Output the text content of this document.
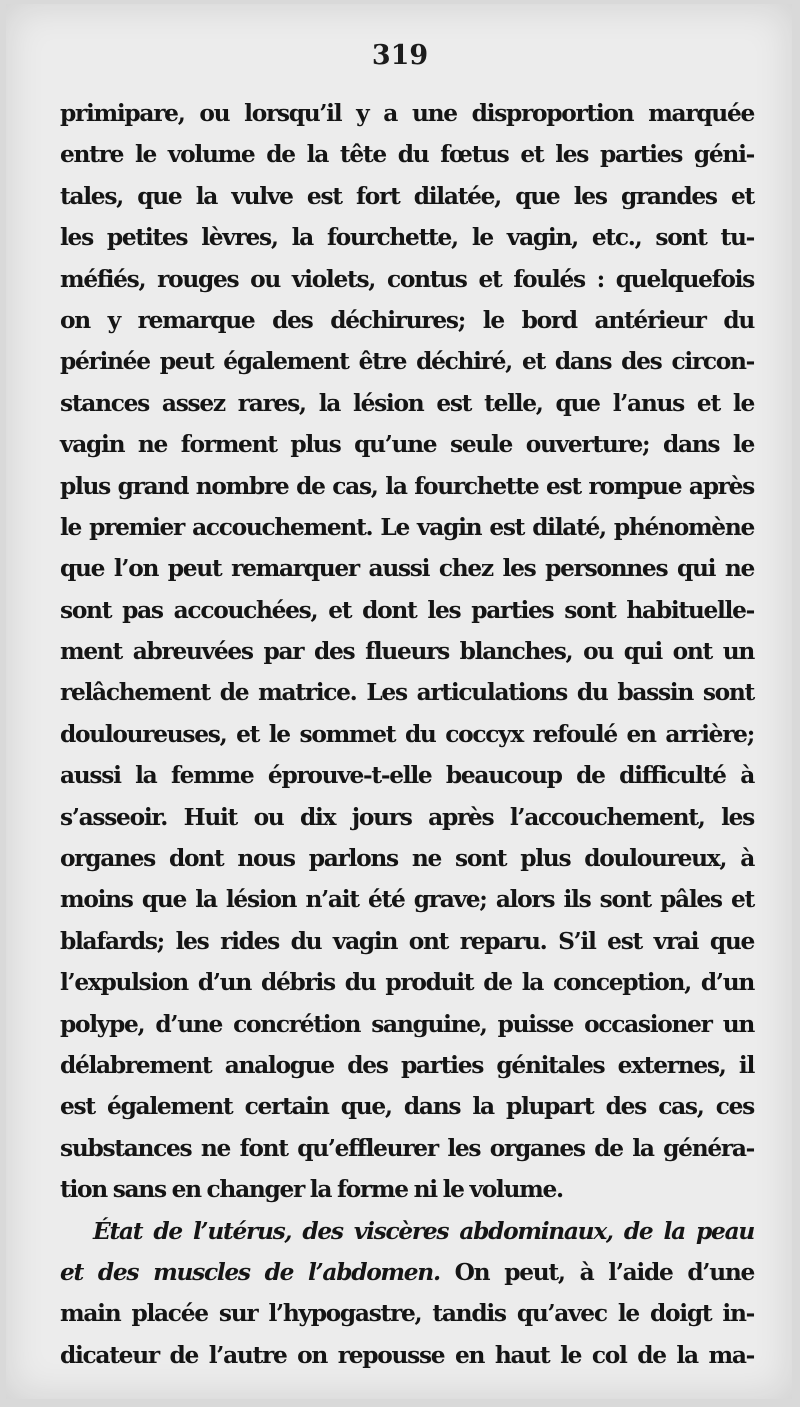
319
primipare, ou lorsqu’il y a une disproportion marquée
entre le volume de la tête du fœtus et les parties géni-
tales, que la vulve est fort dilatée, que les grandes et
les petites lèvres, la fourchette, le vagin, etc., sont tu-
méfiés, rouges ou violets, contus et foulés : quelquefois
on y remarque des déchirures; le bord antérieur du
périnée peut également être déchiré, et dans des circon-
stances assez rares, la lésion est telle, que l’anus et le
vagin ne forment plus qu’une seule ouverture; dans le
plus grand nombre de cas, la fourchette est rompue après
le premier accouchement. Le vagin est dilaté, phénomène
que l’on peut remarquer aussi chez les personnes qui ne
sont pas accouchées, et dont les parties sont habituelle-
ment abreuvées par des flueurs blanches, ou qui ont un
relâchement de matrice. Les articulations du bassin sont
douloureuses, et le sommet du coccyx refoulé en arrière;
aussi la femme éprouve-t-elle beaucoup de difficulté à
s’asseoir. Huit ou dix jours après l’accouchement, les
organes dont nous parlons ne sont plus douloureux, à
moins que la lésion n’ait été grave; alors ils sont pâles et
blafards; les rides du vagin ont reparu. S’il est vrai que
l’expulsion d’un débris du produit de la conception, d’un
polype, d’une concrétion sanguine, puisse occasioner un
délabrement analogue des parties génitales externes, il
est également certain que, dans la plupart des cas, ces
substances ne font qu’effleurer les organes de la généra-
tion sans en changer la forme ni le volume.
État de l’utérus, des viscères abdominaux, de la peau
et des muscles de l’abdomen. On peut, à l’aide d’une
main placée sur l’hypogastre, tandis qu’avec le doigt in-
dicateur de l’autre on repousse en haut le col de la ma-
